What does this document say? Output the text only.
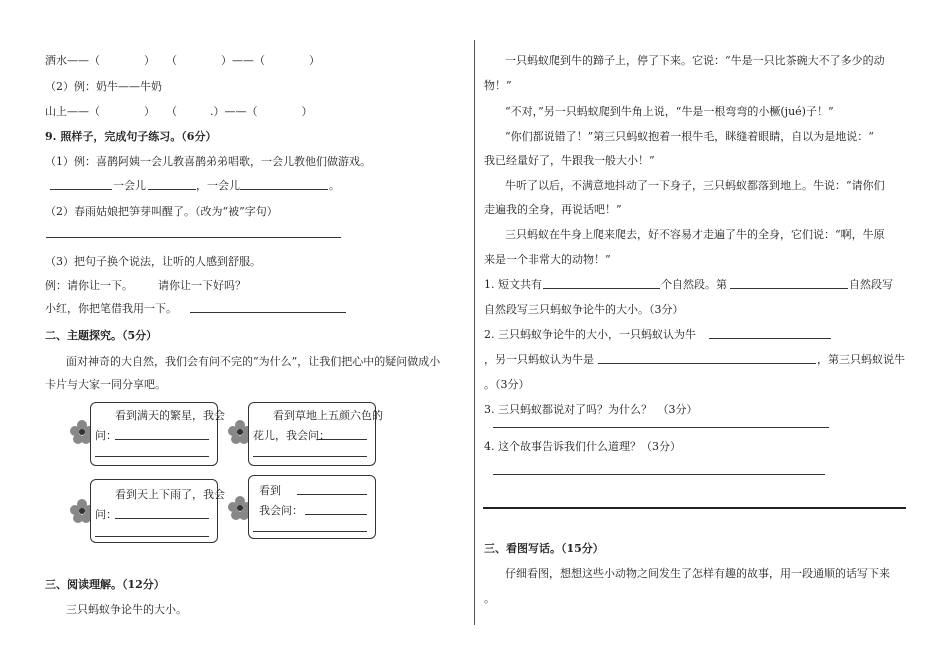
洒水——（　　　　）　　（　　　　）——（　　　　）
（2）例：奶牛——牛奶
山上——（　　　　）　　（　　　.）——（　　　　）
9. 照样子，完成句子练习。（6分）
（1）例：喜鹊阿姨一会儿教喜鹊弟弟唱歌，一会儿教他们做游戏。
一会儿	，一会儿	。
（2）春雨姑娘把笋芽叫醒了。（改为“被”字句）
（3）把句子换个说法，让听的人感到舒服。
例：请你让一下。 请你让一下好吗？
小红，你把笔借我用一下。
二、主题探究。（5分）
面对神奇的大自然，我们会有问不完的“为什么”，让我们把心中的疑问做成小
卡片与大家一同分享吧。
看到满天的繁星，我会
问：
看到草地上五颜六色的
花儿，我会问：
看到天上下雨了，我会
问：
看到
我会问：
三、阅读理解。（12分）
三只蚂蚁争论牛的大小。
一只蚂蚁爬到牛的蹄子上，停了下来。它说：“牛是一只比茶碗大不了多少的动
物！”
“不对，”另一只蚂蚁爬到牛角上说，“牛是一根弯弯的小橛(jué)子！”
“你们都说错了！”第三只蚂蚁抱着一根牛毛，眯缝着眼睛，自以为是地说：“
我已经量好了，牛跟我一般大小！”
牛听了以后，不满意地抖动了一下身子，三只蚂蚁都落到地上。牛说：“请你们
走遍我的全身，再说话吧！”
三只蚂蚁在牛身上爬来爬去，好不容易才走遍了牛的全身，它们说：“啊，牛原
来是一个非常大的动物！”
1. 短文共有	个自然段。第	自然段写
自然段写三只蚂蚁争论牛的大小。（3分）
2. 三只蚂蚁争论牛的大小，一只蚂蚁认为牛
，另一只蚂蚁认为牛是	，第三只蚂蚁说牛
。（3分）
3. 三只蚂蚁都说对了吗？为什么？　（3分）
4. 这个故事告诉我们什么道理？（3分）
三、看图写话。（15分）
仔细看图，想想这些小动物之间发生了怎样有趣的故事，用一段通顺的话写下来
。
